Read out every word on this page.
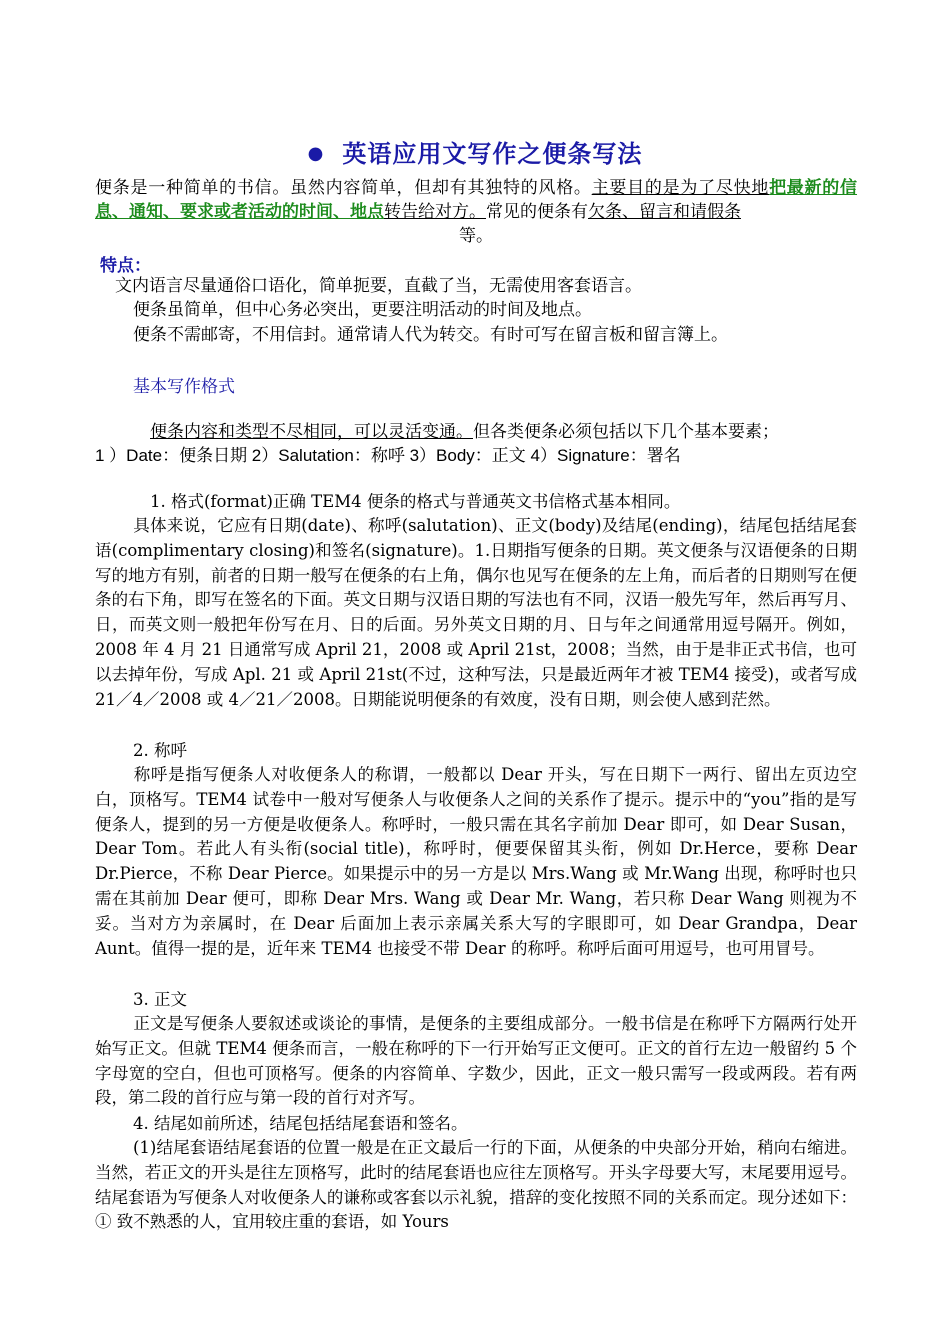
● 英语应用文写作之便条写法
便条是一种简单的书信。虽然内容简单，但却有其独特的风格。主要目的是为了尽快地把最新的信息、通知、要求或者活动的时间、地点转告给对方。常见的便条有欠条、留言和请假条
等。
特点：
文内语言尽量通俗口语化，简单扼要，直截了当，无需使用客套语言。
便条虽简单，但中心务必突出，更要注明活动的时间及地点。
便条不需邮寄，不用信封。通常请人代为转交。有时可写在留言板和留言簿上。
基本写作格式
便条内容和类型不尽相同，可以灵活变通。但各类便条必须包括以下几个基本要素；
1 ）Date：便条日期 2）Salutation：称呼 3）Body：正文 4）Signature：署名
1. 格式(format)正确 TEM4 便条的格式与普通英文书信格式基本相同。
具体来说，它应有日期(date)、称呼(salutation)、正文(body)及结尾(ending)，结尾包括结尾套语(complimentary closing)和签名(signature)。1.日期指写便条的日期。英文便条与汉语便条的日期写的地方有别，前者的日期一般写在便条的右上角，偶尔也见写在便条的左上角，而后者的日期则写在便条的右下角，即写在签名的下面。英文日期与汉语日期的写法也有不同，汉语一般先写年，然后再写月、日，而英文则一般把年份写在月、日的后面。另外英文日期的月、日与年之间通常用逗号隔开。例如，2008 年 4 月 21 日通常写成 April 21，2008 或 April 21st，2008；当然，由于是非正式书信，也可以去掉年份，写成 Apl. 21 或 April 21st(不过，这种写法，只是最近两年才被 TEM4 接受)，或者写成 21／4／2008 或 4／21／2008。日期能说明便条的有效度，没有日期，则会使人感到茫然。
2. 称呼
称呼是指写便条人对收便条人的称谓，一般都以 Dear 开头，写在日期下一两行、留出左页边空白，顶格写。TEM4 试卷中一般对写便条人与收便条人之间的关系作了提示。提示中的“you”指的是写便条人，提到的另一方便是收便条人。称呼时，一般只需在其名字前加 Dear 即可，如 Dear Susan，Dear Tom。若此人有头衔(social title)，称呼时，便要保留其头衔，例如 Dr.Herce，要称 Dear Dr.Pierce，不称 Dear Pierce。如果提示中的另一方是以 Mrs.Wang 或 Mr.Wang 出现，称呼时也只需在其前加 Dear 便可，即称 Dear Mrs. Wang 或 Dear Mr. Wang，若只称 Dear Wang 则视为不妥。当对方为亲属时，在 Dear 后面加上表示亲属关系大写的字眼即可，如 Dear Grandpa，Dear Aunt。值得一提的是，近年来 TEM4 也接受不带 Dear 的称呼。称呼后面可用逗号，也可用冒号。
3. 正文
正文是写便条人要叙述或谈论的事情，是便条的主要组成部分。一般书信是在称呼下方隔两行处开始写正文。但就 TEM4 便条而言，一般在称呼的下一行开始写正文便可。正文的首行左边一般留约 5 个字母宽的空白，但也可顶格写。便条的内容简单、字数少，因此，正文一般只需写一段或两段。若有两段，第二段的首行应与第一段的首行对齐写。
4. 结尾如前所述，结尾包括结尾套语和签名。
(1)结尾套语结尾套语的位置一般是在正文最后一行的下面，从便条的中央部分开始，稍向右缩进。当然，若正文的开头是往左顶格写，此时的结尾套语也应往左顶格写。开头字母要大写，末尾要用逗号。结尾套语为写便条人对收便条人的谦称或客套以示礼貌，措辞的变化按照不同的关系而定。现分述如下：① 致不熟悉的人，宜用较庄重的套语，如 Yours
